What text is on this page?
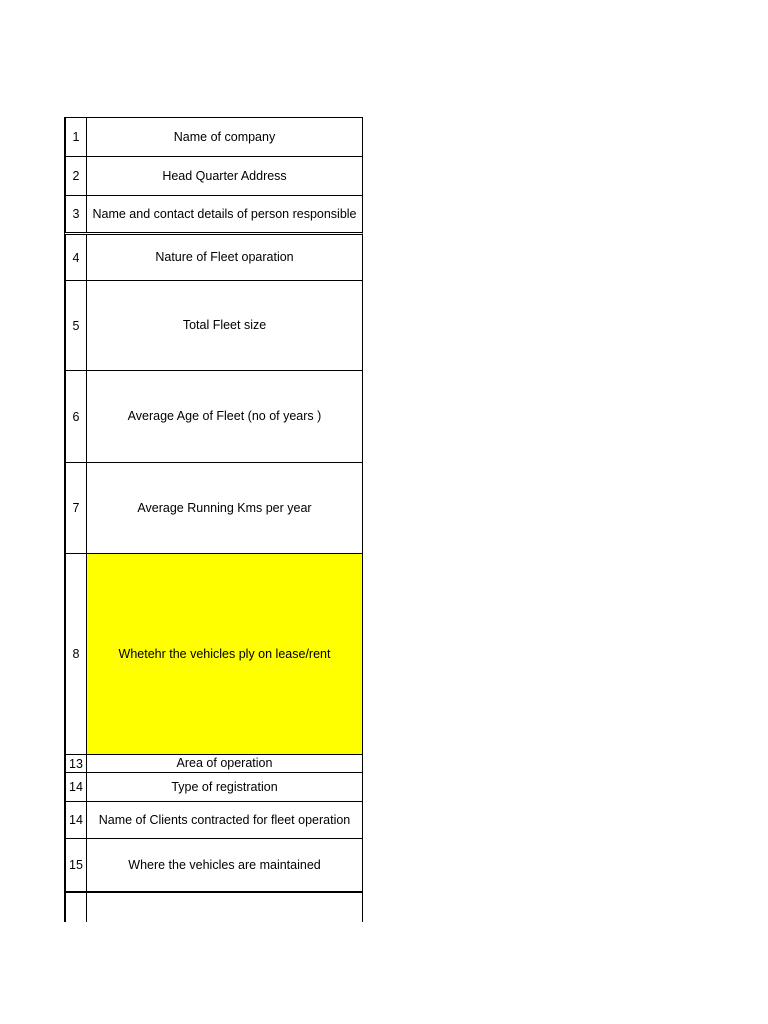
1	Name of company
2	Head Quarter Address
3	Name and contact details of person responsible
4	Nature of Fleet oparation
5	Total Fleet size
6	Average Age of Fleet (no of years )
7	Average Running Kms per year
8	Whetehr the vehicles ply on lease/rent
13	Area of operation
14	Type of registration
14	Name of Clients contracted for fleet operation
15	Where the vehicles are maintained
